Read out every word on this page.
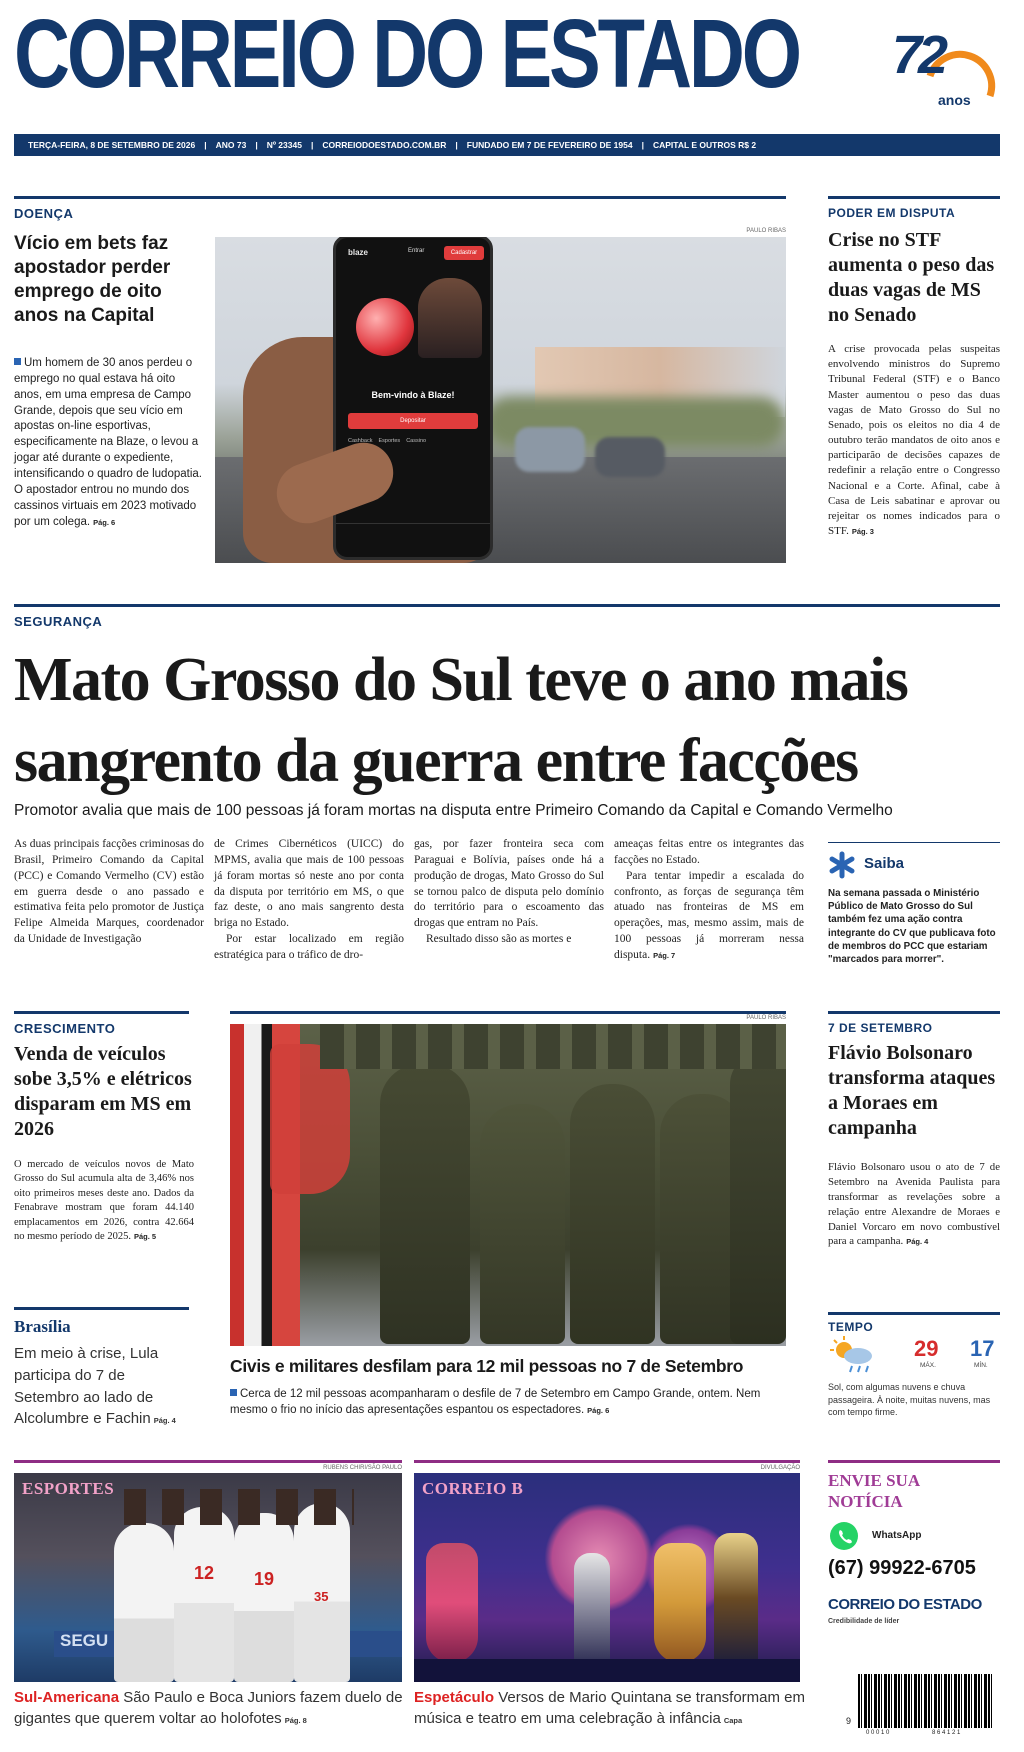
CORREIO DO ESTADO 72
anos
TERÇA-FEIRA, 8 DE SETEMBRO DE 2026 | ANO 73 | Nº 23345 | CORREIODOESTADO.COM.BR | FUNDADO EM 7 DE FEVEREIRO DE 1954 | CAPITAL E OUTROS R$ 2
DOENÇA
Vício em bets faz apostador perder emprego de oito anos na Capital
Um homem de 30 anos perdeu o emprego no qual estava há oito anos, em uma empresa de Campo Grande, depois que seu vício em apostas on-line esportivas, especificamente na Blaze, o levou a jogar até durante o expediente, intensificando o quadro de ludopatia. O apostador entrou no mundo dos cassinos virtuais em 2023 motivado por um colega. Pág. 6
PAULO RIBAS
blaze	Entrar	Cadastrar
Bem-vindo à Blaze!
Depositar
Cashback Esportes Cassino
PODER EM DISPUTA
Crise no STF aumenta o peso das duas vagas de MS no Senado
A crise provocada pelas suspeitas envolvendo ministros do Supremo Tribunal Federal (STF) e o Banco Master aumentou o peso das duas vagas de Mato Grosso do Sul no Senado, pois os eleitos no dia 4 de outubro terão mandatos de oito anos e participarão de decisões capazes de redefinir a relação entre o Congresso Nacional e a Corte. Afinal, cabe à Casa de Leis sabatinar e aprovar ou rejeitar os nomes indicados para o STF. Pág. 3
SEGURANÇA
Mato Grosso do Sul teve o ano mais sangrento da guerra entre facções
Promotor avalia que mais de 100 pessoas já foram mortas na disputa entre Primeiro Comando da Capital e Comando Vermelho
As duas principais facções criminosas do Brasil, Primeiro Comando da Capital (PCC) e Comando Vermelho (CV) estão em guerra desde o ano passado e estimativa feita pelo promotor de Justiça Felipe Almeida Marques, coordenador da Unidade de Investigação
de Crimes Cibernéticos (UICC) do MPMS, avalia que mais de 100 pessoas já foram mortas só neste ano por conta da disputa por território em MS, o que faz deste, o ano mais sangrento desta briga no Estado.
Por estar localizado em região estratégica para o tráfico de dro-
gas, por fazer fronteira seca com Paraguai e Bolívia, países onde há a produção de drogas, Mato Grosso do Sul se tornou palco de disputa pelo domínio do território para o escoamento das drogas que entram no País.
Resultado disso são as mortes e
ameaças feitas entre os integrantes das facções no Estado.
Para tentar impedir a escalada do confronto, as forças de segurança têm atuado nas fronteiras de MS em operações, mas, mesmo assim, mais de 100 pessoas já morreram nessa disputa. Pág. 7
Saiba
Na semana passada o Ministério Público de Mato Grosso do Sul também fez uma ação contra integrante do CV que publicava foto de membros do PCC que estariam "marcados para morrer".
CRESCIMENTO
Venda de veículos sobe 3,5% e elétricos disparam em MS em 2026
O mercado de veículos novos de Mato Grosso do Sul acumula alta de 3,46% nos oito primeiros meses deste ano. Dados da Fenabrave mostram que foram 44.140 emplacamentos em 2026, contra 42.664 no mesmo período de 2025. Pág. 5
Brasília
Em meio à crise, Lula participa do 7 de Setembro ao lado de Alcolumbre e Fachin Pág. 4
PAULO RIBAS
Civis e militares desfilam para 12 mil pessoas no 7 de Setembro
Cerca de 12 mil pessoas acompanharam o desfile de 7 de Setembro em Campo Grande, ontem. Nem mesmo o frio no início das apresentações espantou os espectadores. Pág. 6
7 DE SETEMBRO
Flávio Bolsonaro transforma ataques a Moraes em campanha
Flávio Bolsonaro usou o ato de 7 de Setembro na Avenida Paulista para transformar as revelações sobre a relação entre Alexandre de Moraes e Daniel Vorcaro em novo combustível para a campanha. Pág. 4
TEMPO
29
MÁX.
17
MÍN.
Sol, com algumas nuvens e chuva passageira. À noite, muitas nuvens, mas com tempo firme.
RUBENS CHIRI/SÃO PAULO
ESPORTES
SEGU
12 19
35
Sul-Americana São Paulo e Boca Juniors fazem duelo de gigantes que querem voltar ao holofotes Pág. 8
DIVULGAÇÃO
CORREIO B
Espetáculo Versos de Mario Quintana se transformam em música e teatro em uma celebração à infância Capa
ENVIE SUA NOTÍCIA
WhatsApp
(67) 99922-6705
CORREIO DO ESTADO
Credibilidade de líder
9
0 0 0 1 0	8 6 4 1 2 1
